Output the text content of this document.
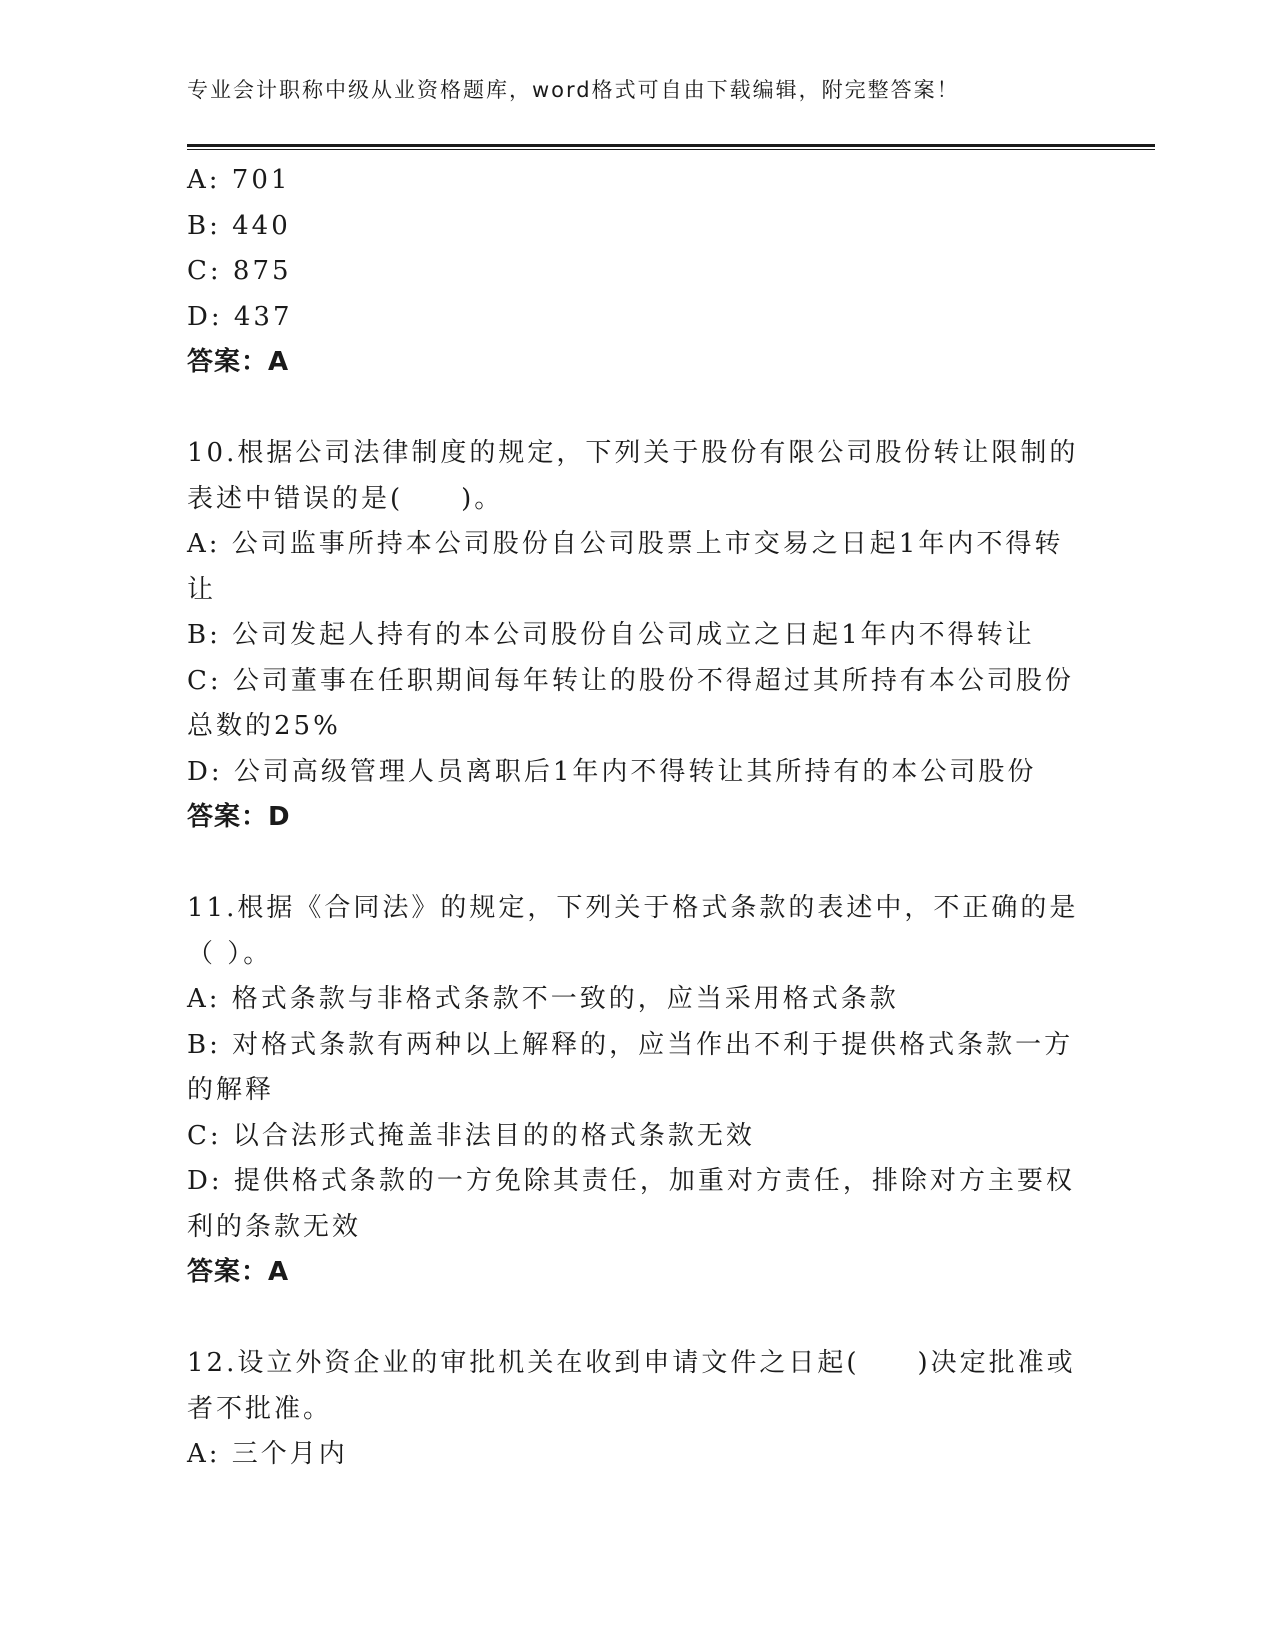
专业会计职称中级从业资格题库，word格式可自由下载编辑，附完整答案！
A: 701
B: 440
C: 875
D: 437
答案：A
10.根据公司法律制度的规定，下列关于股份有限公司股份转让限制的
表述中错误的是(　　)。
A: 公司监事所持本公司股份自公司股票上市交易之日起1年内不得转
让
B: 公司发起人持有的本公司股份自公司成立之日起1年内不得转让
C: 公司董事在任职期间每年转让的股份不得超过其所持有本公司股份
总数的25%
D: 公司高级管理人员离职后1年内不得转让其所持有的本公司股份
答案：D
11.根据《合同法》的规定，下列关于格式条款的表述中，不正确的是
（ ）。
A: 格式条款与非格式条款不一致的，应当采用格式条款
B: 对格式条款有两种以上解释的，应当作出不利于提供格式条款一方
的解释
C: 以合法形式掩盖非法目的的格式条款无效
D: 提供格式条款的一方免除其责任，加重对方责任，排除对方主要权
利的条款无效
答案：A
12.设立外资企业的审批机关在收到申请文件之日起(　　)决定批准或
者不批准。
A: 三个月内
